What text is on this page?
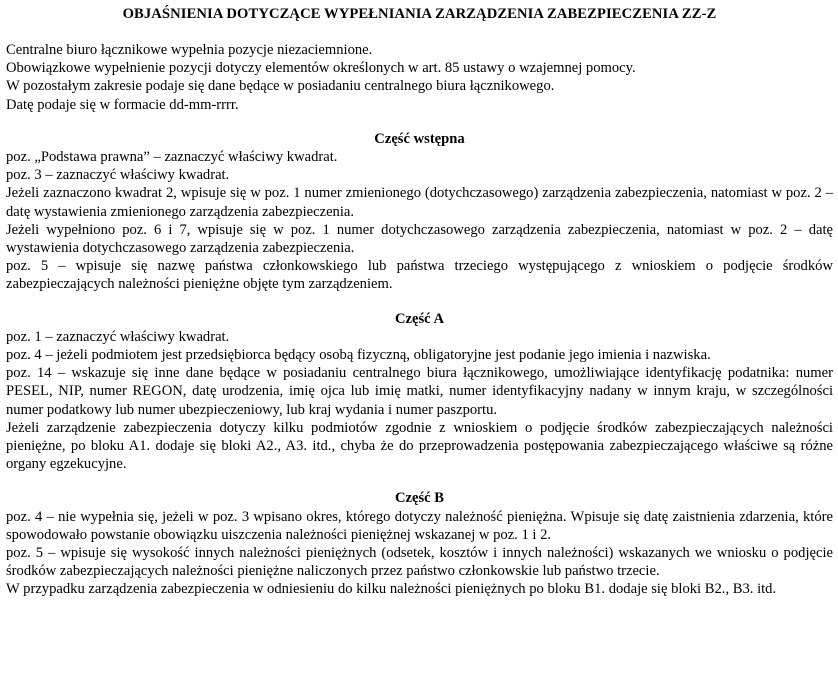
OBJAŚNIENIA DOTYCZĄCE WYPEŁNIANIA ZARZĄDZENIA ZABEZPIECZENIA ZZ-Z

Centralne biuro łącznikowe wypełnia pozycje niezaciemnione.

Obowiązkowe wypełnienie pozycji dotyczy elementów określonych w art. 85 ustawy o wzajemnej pomocy.

W pozostałym zakresie podaje się dane będące w posiadaniu centralnego biura łącznikowego.

Datę podaje się w formacie dd-mm-rrrr.

Część wstępna

poz. „Podstawa prawna” – zaznaczyć właściwy kwadrat.

poz. 3 – zaznaczyć właściwy kwadrat.

Jeżeli zaznaczono kwadrat 2, wpisuje się w poz. 1 numer zmienionego (dotychczasowego) zarządzenia zabezpieczenia, natomiast w poz. 2 – datę wystawienia zmienionego zarządzenia zabezpieczenia.

Jeżeli wypełniono poz. 6 i 7, wpisuje się w poz. 1 numer dotychczasowego zarządzenia zabezpieczenia, natomiast w poz. 2 – datę wystawienia dotychczasowego zarządzenia zabezpieczenia.

poz. 5 – wpisuje się nazwę państwa członkowskiego lub państwa trzeciego występującego z wnioskiem o podjęcie środków zabezpieczających należności pieniężne objęte tym zarządzeniem.

Część A

poz. 1 – zaznaczyć właściwy kwadrat.

poz. 4 – jeżeli podmiotem jest przedsiębiorca będący osobą fizyczną, obligatoryjne jest podanie jego imienia i nazwiska.

poz. 14 – wskazuje się inne dane będące w posiadaniu centralnego biura łącznikowego, umożliwiające identyfikację podatnika: numer PESEL, NIP, numer REGON, datę urodzenia, imię ojca lub imię matki, numer identyfikacyjny nadany w innym kraju, w szczególności numer podatkowy lub numer ubezpieczeniowy, lub kraj wydania i numer paszportu.

Jeżeli zarządzenie zabezpieczenia dotyczy kilku podmiotów zgodnie z wnioskiem o podjęcie środków zabezpieczających należności pieniężne, po bloku A1. dodaje się bloki A2., A3. itd., chyba że do przeprowadzenia postępowania zabezpieczającego właściwe są różne organy egzekucyjne.

Część B

poz. 4 – nie wypełnia się, jeżeli w poz. 3 wpisano okres, którego dotyczy należność pieniężna. Wpisuje się datę zaistnienia zdarzenia, które spowodowało powstanie obowiązku uiszczenia należności pieniężnej wskazanej w poz. 1 i 2.

poz. 5 – wpisuje się wysokość innych należności pieniężnych (odsetek, kosztów i innych należności) wskazanych we wniosku o podjęcie środków zabezpieczających należności pieniężne naliczonych przez państwo członkowskie lub państwo trzecie.

W przypadku zarządzenia zabezpieczenia w odniesieniu do kilku należności pieniężnych po bloku B1. dodaje się bloki B2., B3. itd.
